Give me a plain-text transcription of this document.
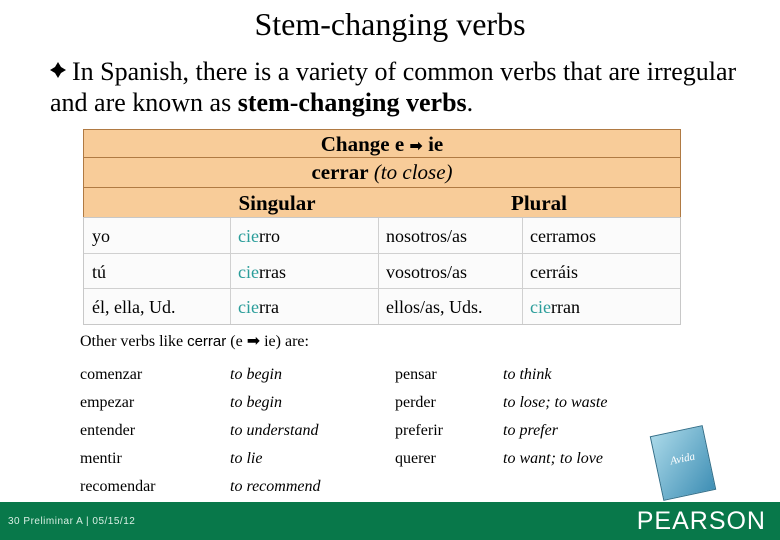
Stem-changing verbs
In Spanish, there is a variety of common verbs that are irregular and are known as stem-changing verbs.
Change e ➡ ie
cerrar (to close)
Singular	Plural
yo	cierro	nosotros/as	cerramos
tú	cierras	vosotros/as	cerráis
él, ella, Ud.	cierra	ellos/as, Uds.	cierran
Other verbs like cerrar (e ➡ ie) are:
comenzar	to begin	pensar	to think
empezar	to begin	perder	to lose; to waste
entender	to understand	preferir	to prefer
mentir	to lie	querer	to want; to love
recomendar	to recommend
Avida
30 Preliminar A | 05/15/12	PEARSON
